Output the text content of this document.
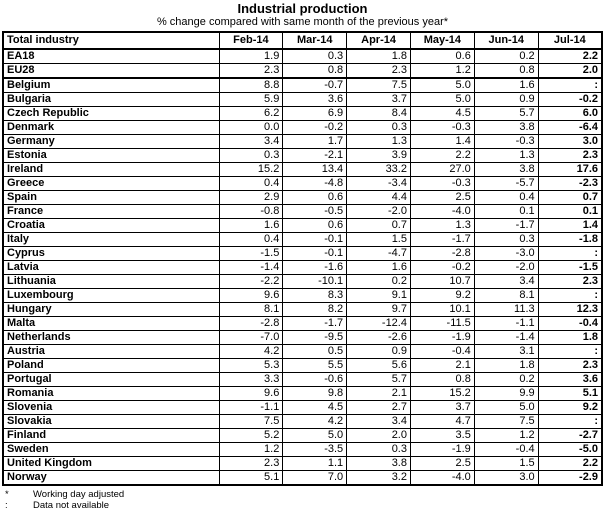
Industrial production
% change compared with same month of the previous year*
Total industry	Feb-14	Mar-14	Apr-14	May-14	Jun-14	Jul-14
EA18	1.9	0.3	1.8	0.6	0.2	2.2
EU28	2.3	0.8	2.3	1.2	0.8	2.0
Belgium	8.8	-0.7	7.5	5.0	1.6	:
Bulgaria	5.9	3.6	3.7	5.0	0.9	-0.2
Czech Republic	6.2	6.9	8.4	4.5	5.7	6.0
Denmark	0.0	-0.2	0.3	-0.3	3.8	-6.4
Germany	3.4	1.7	1.3	1.4	-0.3	3.0
Estonia	0.3	-2.1	3.9	2.2	1.3	2.3
Ireland	15.2	13.4	33.2	27.0	3.8	17.6
Greece	0.4	-4.8	-3.4	-0.3	-5.7	-2.3
Spain	2.9	0.6	4.4	2.5	0.4	0.7
France	-0.8	-0.5	-2.0	-4.0	0.1	0.1
Croatia	1.6	0.6	0.7	1.3	-1.7	1.4
Italy	0.4	-0.1	1.5	-1.7	0.3	-1.8
Cyprus	-1.5	-0.1	-4.7	-2.8	-3.0	:
Latvia	-1.4	-1.6	1.6	-0.2	-2.0	-1.5
Lithuania	-2.2	-10.1	0.2	10.7	3.4	2.3
Luxembourg	9.6	8.3	9.1	9.2	8.1	:
Hungary	8.1	8.2	9.7	10.1	11.3	12.3
Malta	-2.8	-1.7	-12.4	-11.5	-1.1	-0.4
Netherlands	-7.0	-9.5	-2.6	-1.9	-1.4	1.8
Austria	4.2	0.5	0.9	-0.4	3.1	:
Poland	5.3	5.5	5.6	2.1	1.8	2.3
Portugal	3.3	-0.6	5.7	0.8	0.2	3.6
Romania	9.6	9.8	2.1	15.2	9.9	5.1
Slovenia	-1.1	4.5	2.7	3.7	5.0	9.2
Slovakia	7.5	4.2	3.4	4.7	7.5	:
Finland	5.2	5.0	2.0	3.5	1.2	-2.7
Sweden	1.2	-3.5	0.3	-1.9	-0.4	-5.0
United Kingdom	2.3	1.1	3.8	2.5	1.5	2.2
Norway	5.1	7.0	3.2	-4.0	3.0	-2.9
*	Working day adjusted
:	Data not available
